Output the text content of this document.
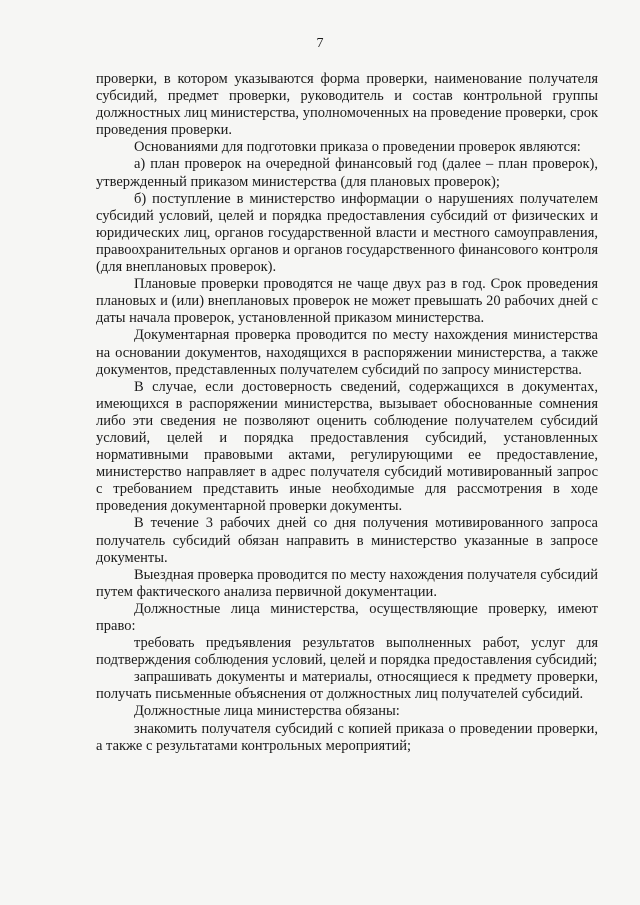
7

проверки, в котором указываются форма проверки, наименование получателя субсидий, предмет проверки, руководитель и состав контрольной группы должностных лиц министерства, уполномоченных на проведение проверки, срок проведения проверки.

Основаниями для подготовки приказа о проведении проверок являются:

а) план проверок на очередной финансовый год (далее – план проверок), утвержденный приказом министерства (для плановых проверок);

б) поступление в министерство информации о нарушениях получателем субсидий условий, целей и порядка предоставления субсидий от физических и юридических лиц, органов государственной власти и местного самоуправления, правоохранительных органов и органов государственного финансового контроля (для внеплановых проверок).

Плановые проверки проводятся не чаще двух раз в год. Срок проведения плановых и (или) внеплановых проверок не может превышать 20 рабочих дней с даты начала проверок, установленной приказом министерства.

Документарная проверка проводится по месту нахождения министерства на основании документов, находящихся в распоряжении министерства, а также документов, представленных получателем субсидий по запросу министерства.

В случае, если достоверность сведений, содержащихся в документах, имеющихся в распоряжении министерства, вызывает обоснованные сомнения либо эти сведения не позволяют оценить соблюдение получателем субсидий условий, целей и порядка предоставления субсидий, установленных нормативными правовыми актами, регулирующими ее предоставление, министерство направляет в адрес получателя субсидий мотивированный запрос с требованием представить иные необходимые для рассмотрения в ходе проведения документарной проверки документы.

В течение 3 рабочих дней со дня получения мотивированного запроса получатель субсидий обязан направить в министерство указанные в запросе документы.

Выездная проверка проводится по месту нахождения получателя субсидий путем фактического анализа первичной документации.

Должностные лица министерства, осуществляющие проверку, имеют право:

требовать предъявления результатов выполненных работ, услуг для подтверждения соблюдения условий, целей и порядка предоставления субсидий;

запрашивать документы и материалы, относящиеся к предмету проверки, получать письменные объяснения от должностных лиц получателей субсидий.

Должностные лица министерства обязаны:

знакомить получателя субсидий с копией приказа о проведении проверки, а также с результатами контрольных мероприятий;
